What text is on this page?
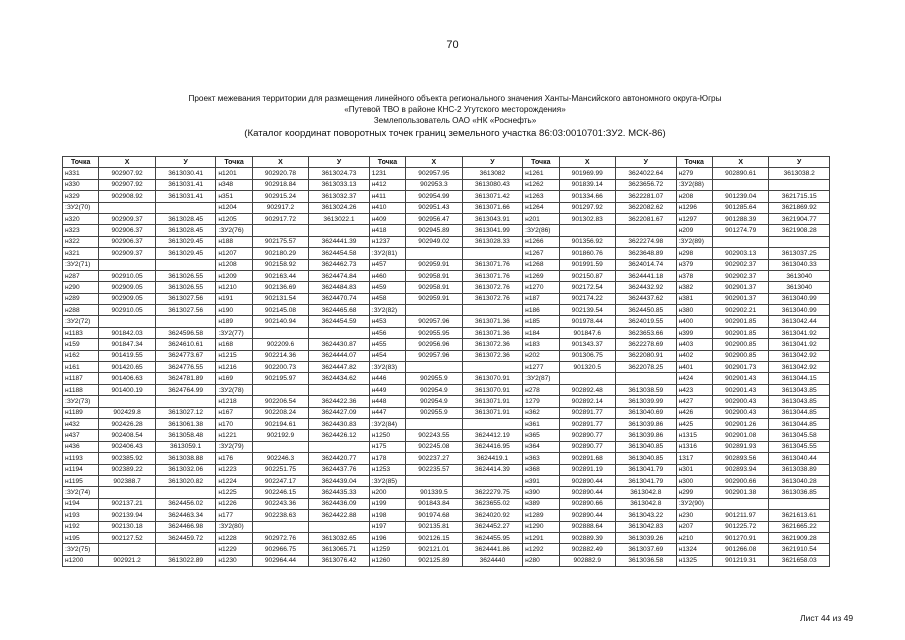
70
Проект межевания территории для размещения линейного объекта регионального значения Ханты-Мансийского автономного округа-Югры
«Путевой ТВО в районе КНС-2 Угутского месторождения»
Землепользователь ОАО «НК «Роснефть»
(Каталог координат поворотных точек границ земельного участка 86:03:0010701:ЗУ2. МСК-86)
Точка	X	У	Точка	X	У	Точка	X	У	Точка	X	У	Точка	X	У
н331	902907.92	3613030.41	н1201	902920.78	3613024.73	1231	902957.95	3613082	н1261	901969.99	3624022.64	н279	902890.61	3613038.2
н330	902907.92	3613031.41	н348	902918.84	3613033.13	н412	902953.3	3613080.43	н1262	901839.14	3623656.72	:ЗУ2(88)		
н329	902908.92	3613031.41	н351	902915.24	3613032.37	н411	902954.99	3613071.42	н1263	901334.66	3622281.07	н208	901239.04	3621715.15
:ЗУ2(70)			н1204	902917.2	3613024.26	н410	902951.43	3613071.66	н1264	901297.92	3622082.62	н1296	901285.64	3621869.92
н320	902909.37	3613028.45	н1205	902917.72	3613022.1	н409	902956.47	3613043.91	н201	901302.83	3622081.67	н1297	901288.39	3621904.77
н323	902906.37	3613028.45	:ЗУ2(76)			н418	902945.89	3613041.99	:ЗУ2(86)			н209	901274.79	3621908.28
н322	902906.37	3613029.45	н188	902175.57	3624441.39	н1237	902949.02	3613028.33	н1266	901356.92	3622274.98	:ЗУ2(89)		
н321	902909.37	3613029.45	н1207	902180.29	3624454.58	:ЗУ2(81)			н1267	901860.76	3623648.89	н298	902903.13	3613037.25
:ЗУ2(71)			н1208	902158.92	3624462.73	н457	902959.91	3613071.76	н1268	901991.59	3624014.74	н379	902902.37	3613040.33
н287	902910.05	3613026.55	н1209	902163.44	3624474.84	н460	902958.91	3613071.76	н1269	902150.87	3624441.18	н378	902902.37	3613040
н290	902909.05	3613026.55	н1210	902136.69	3624484.83	н459	902958.91	3613072.76	н1270	902172.54	3624432.92	н382	902901.37	3613040
н289	902909.05	3613027.56	н191	902131.54	3624470.74	н458	902959.91	3613072.76	н187	902174.22	3624437.62	н381	902901.37	3613040.99
н288	902910.05	3613027.56	н190	902145.08	3624465.68	:ЗУ2(82)			н186	902139.54	3624450.85	н380	902902.21	3613040.99
:ЗУ2(72)			н189	902140.94	3624454.59	н453	902957.96	3613071.36	н185	901978.44	3624019.55	н400	902901.85	3613042.44
н1183	901842.03	3624596.58	:ЗУ2(77)			н456	902955.95	3613071.36	н184	901847.6	3623653.66	н399	902901.85	3613041.92
н159	901847.34	3624610.61	н168	902209.6	3624430.87	н455	902956.96	3613072.36	н183	901343.37	3622278.69	н403	902900.85	3613041.92
н162	901419.55	3624773.67	н1215	902214.36	3624444.07	н454	902957.96	3613072.36	н202	901306.75	3622080.91	н402	902900.85	3613042.92
н161	901420.65	3624776.55	н1216	902200.73	3624447.82	:ЗУ2(83)			н1277	901320.5	3622078.25	н401	902901.73	3613042.92
н1187	901406.63	3624781.89	н169	902195.97	3624434.62	н446	902955.9	3613070.91	:ЗУ2(87)			н424	902901.43	3613044.15
н1188	901400.19	3624764.99	:ЗУ2(78)			н449	902954.9	3613070.91	н278	902892.48	3613038.59	н423	902901.43	3613043.85
:ЗУ2(73)			н1218	902206.54	3624422.36	н448	902954.9	3613071.91	1279	902892.14	3613039.99	н427	902900.43	3613043.85
н1189	902429.8	3613027.12	н167	902208.24	3624427.09	н447	902955.9	3613071.91	н362	902891.77	3613040.69	н426	902900.43	3613044.85
н432	902426.28	3613061.38	н170	902194.61	3624430.83	:ЗУ2(84)			н361	902891.77	3613039.86	н425	902901.26	3613044.85
н437	902408.54	3613058.48	н1221	902192.9	3624426.12	н1250	902243.55	3624412.19	н365	902890.77	3613039.86	н1315	902901.08	3613045.58
н436	902406.43	3613059.1	:ЗУ2(79)			н175	902245.08	3624416.95	н364	902890.77	3613040.85	н1316	902891.93	3613045.55
н1193	902385.92	3613038.88	н176	902246.3	3624420.77	н178	902237.27	3624419.1	н363	902891.68	3613040.85	1317	902893.56	3613040.44
н1194	902389.22	3613032.06	н1223	902251.75	3624437.76	н1253	902235.57	3624414.39	н368	902891.19	3613041.79	н301	902893.94	3613038.89
н1195	902388.7	3613020.82	н1224	902247.17	3624439.04	:ЗУ2(85)			н391	902890.44	3613041.79	н300	902900.66	3613040.28
:ЗУ2(74)			н1225	902246.15	3624435.33	н200	901339.5	3622279.75	н390	902890.44	3613042.8	н299	902901.38	3613036.85
н194	902137.21	3624456.02	н1226	902243.36	3624436.09	н199	901843.84	3623655.02	н389	902890.66	3613042.8	:ЗУ2(90)		
н193	902139.94	3624463.34	н177	902238.63	3624422.88	н198	901974.68	3624020.92	н1289	902890.44	3613043.22	н230	901211.97	3621613.61
н192	902130.18	3624466.98	:ЗУ2(80)			н197	902135.81	3624452.27	н1290	902888.64	3613042.83	н207	901225.72	3621665.22
н195	902127.52	3624459.72	н1228	902972.76	3613032.65	н196	902126.15	3624455.95	н1291	902889.39	3613039.26	н210	901270.91	3621909.28
:ЗУ2(75)			н1229	902966.75	3613065.71	н1259	902121.01	3624441.86	н1292	902882.49	3613037.69	н1324	901266.08	3621910.54
н1200	902921.2	3613022.89	н1230	902964.44	3613076.42	н1260	902125.89	3624440	н280	902882.9	3613036.58	н1325	901219.31	3621658.03
Лист 44 из 49
